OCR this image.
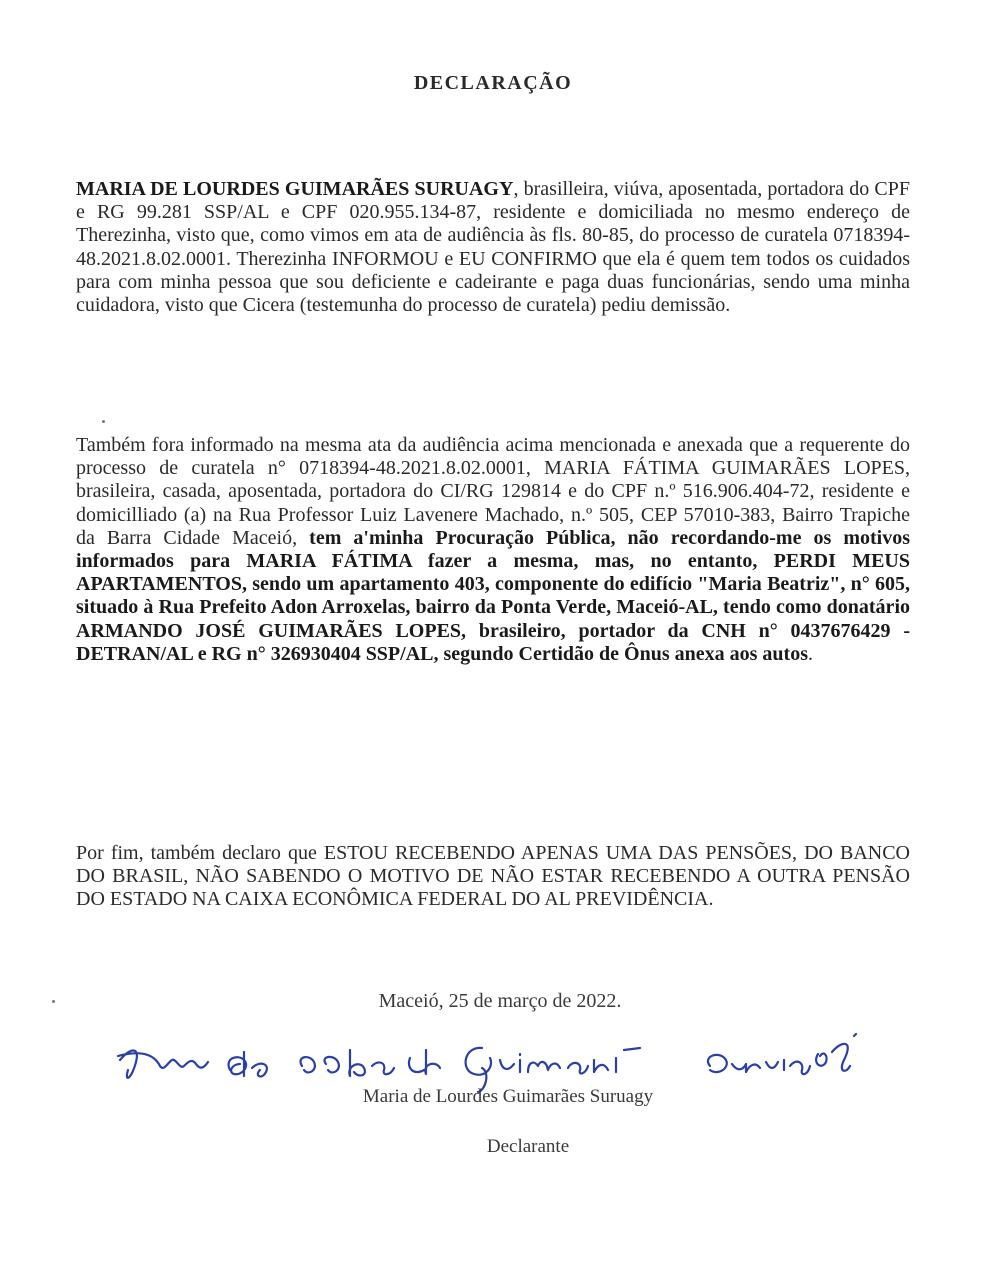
DECLARAÇÃO
MARIA DE LOURDES GUIMARÃES SURUAGY, brasilleira, viúva, aposentada, portadora do CPF e RG 99.281 SSP/AL e CPF 020.955.134-87, residente e domiciliada no mesmo endereço de Therezinha, visto que, como vimos em ata de audiência às fls. 80-85, do processo de curatela 0718394-48.2021.8.02.0001. Therezinha INFORMOU e EU CONFIRMO que ela é quem tem todos os cuidados para com minha pessoa que sou deficiente e cadeirante e paga duas funcionárias, sendo uma minha cuidadora, visto que Cicera (testemunha do processo de curatela) pediu demissão.
Também fora informado na mesma ata da audiência acima mencionada e anexada que a requerente do processo de curatela n° 0718394-48.2021.8.02.0001, MARIA FÁTIMA GUIMARÃES LOPES, brasileira, casada, aposentada, portadora do CI/RG 129814 e do CPF n.º 516.906.404-72, residente e domicilliado (a) na Rua Professor Luiz Lavenere Machado, n.º 505, CEP 57010-383, Bairro Trapiche da Barra Cidade Maceió, tem a'minha Procuração Pública, não recordando-me os motivos informados para MARIA FÁTIMA fazer a mesma, mas, no entanto, PERDI MEUS APARTAMENTOS, sendo um apartamento 403, componente do edifício "Maria Beatriz", n° 605, situado à Rua Prefeito Adon Arroxelas, bairro da Ponta Verde, Maceió-AL, tendo como donatário ARMANDO JOSÉ GUIMARÃES LOPES, brasileiro, portador da CNH n° 0437676429 - DETRAN/AL e RG n° 326930404 SSP/AL, segundo Certidão de Ônus anexa aos autos.
Por fim, também declaro que ESTOU RECEBENDO APENAS UMA DAS PENSÕES, DO BANCO DO BRASIL, NÃO SABENDO O MOTIVO DE NÃO ESTAR RECEBENDO A OUTRA PENSÃO DO ESTADO NA CAIXA ECONÔMICA FEDERAL DO AL PREVIDÊNCIA.
Maceió, 25 de março de 2022.
Maria de Lourdes Guimarães Suruagy
Declarante
